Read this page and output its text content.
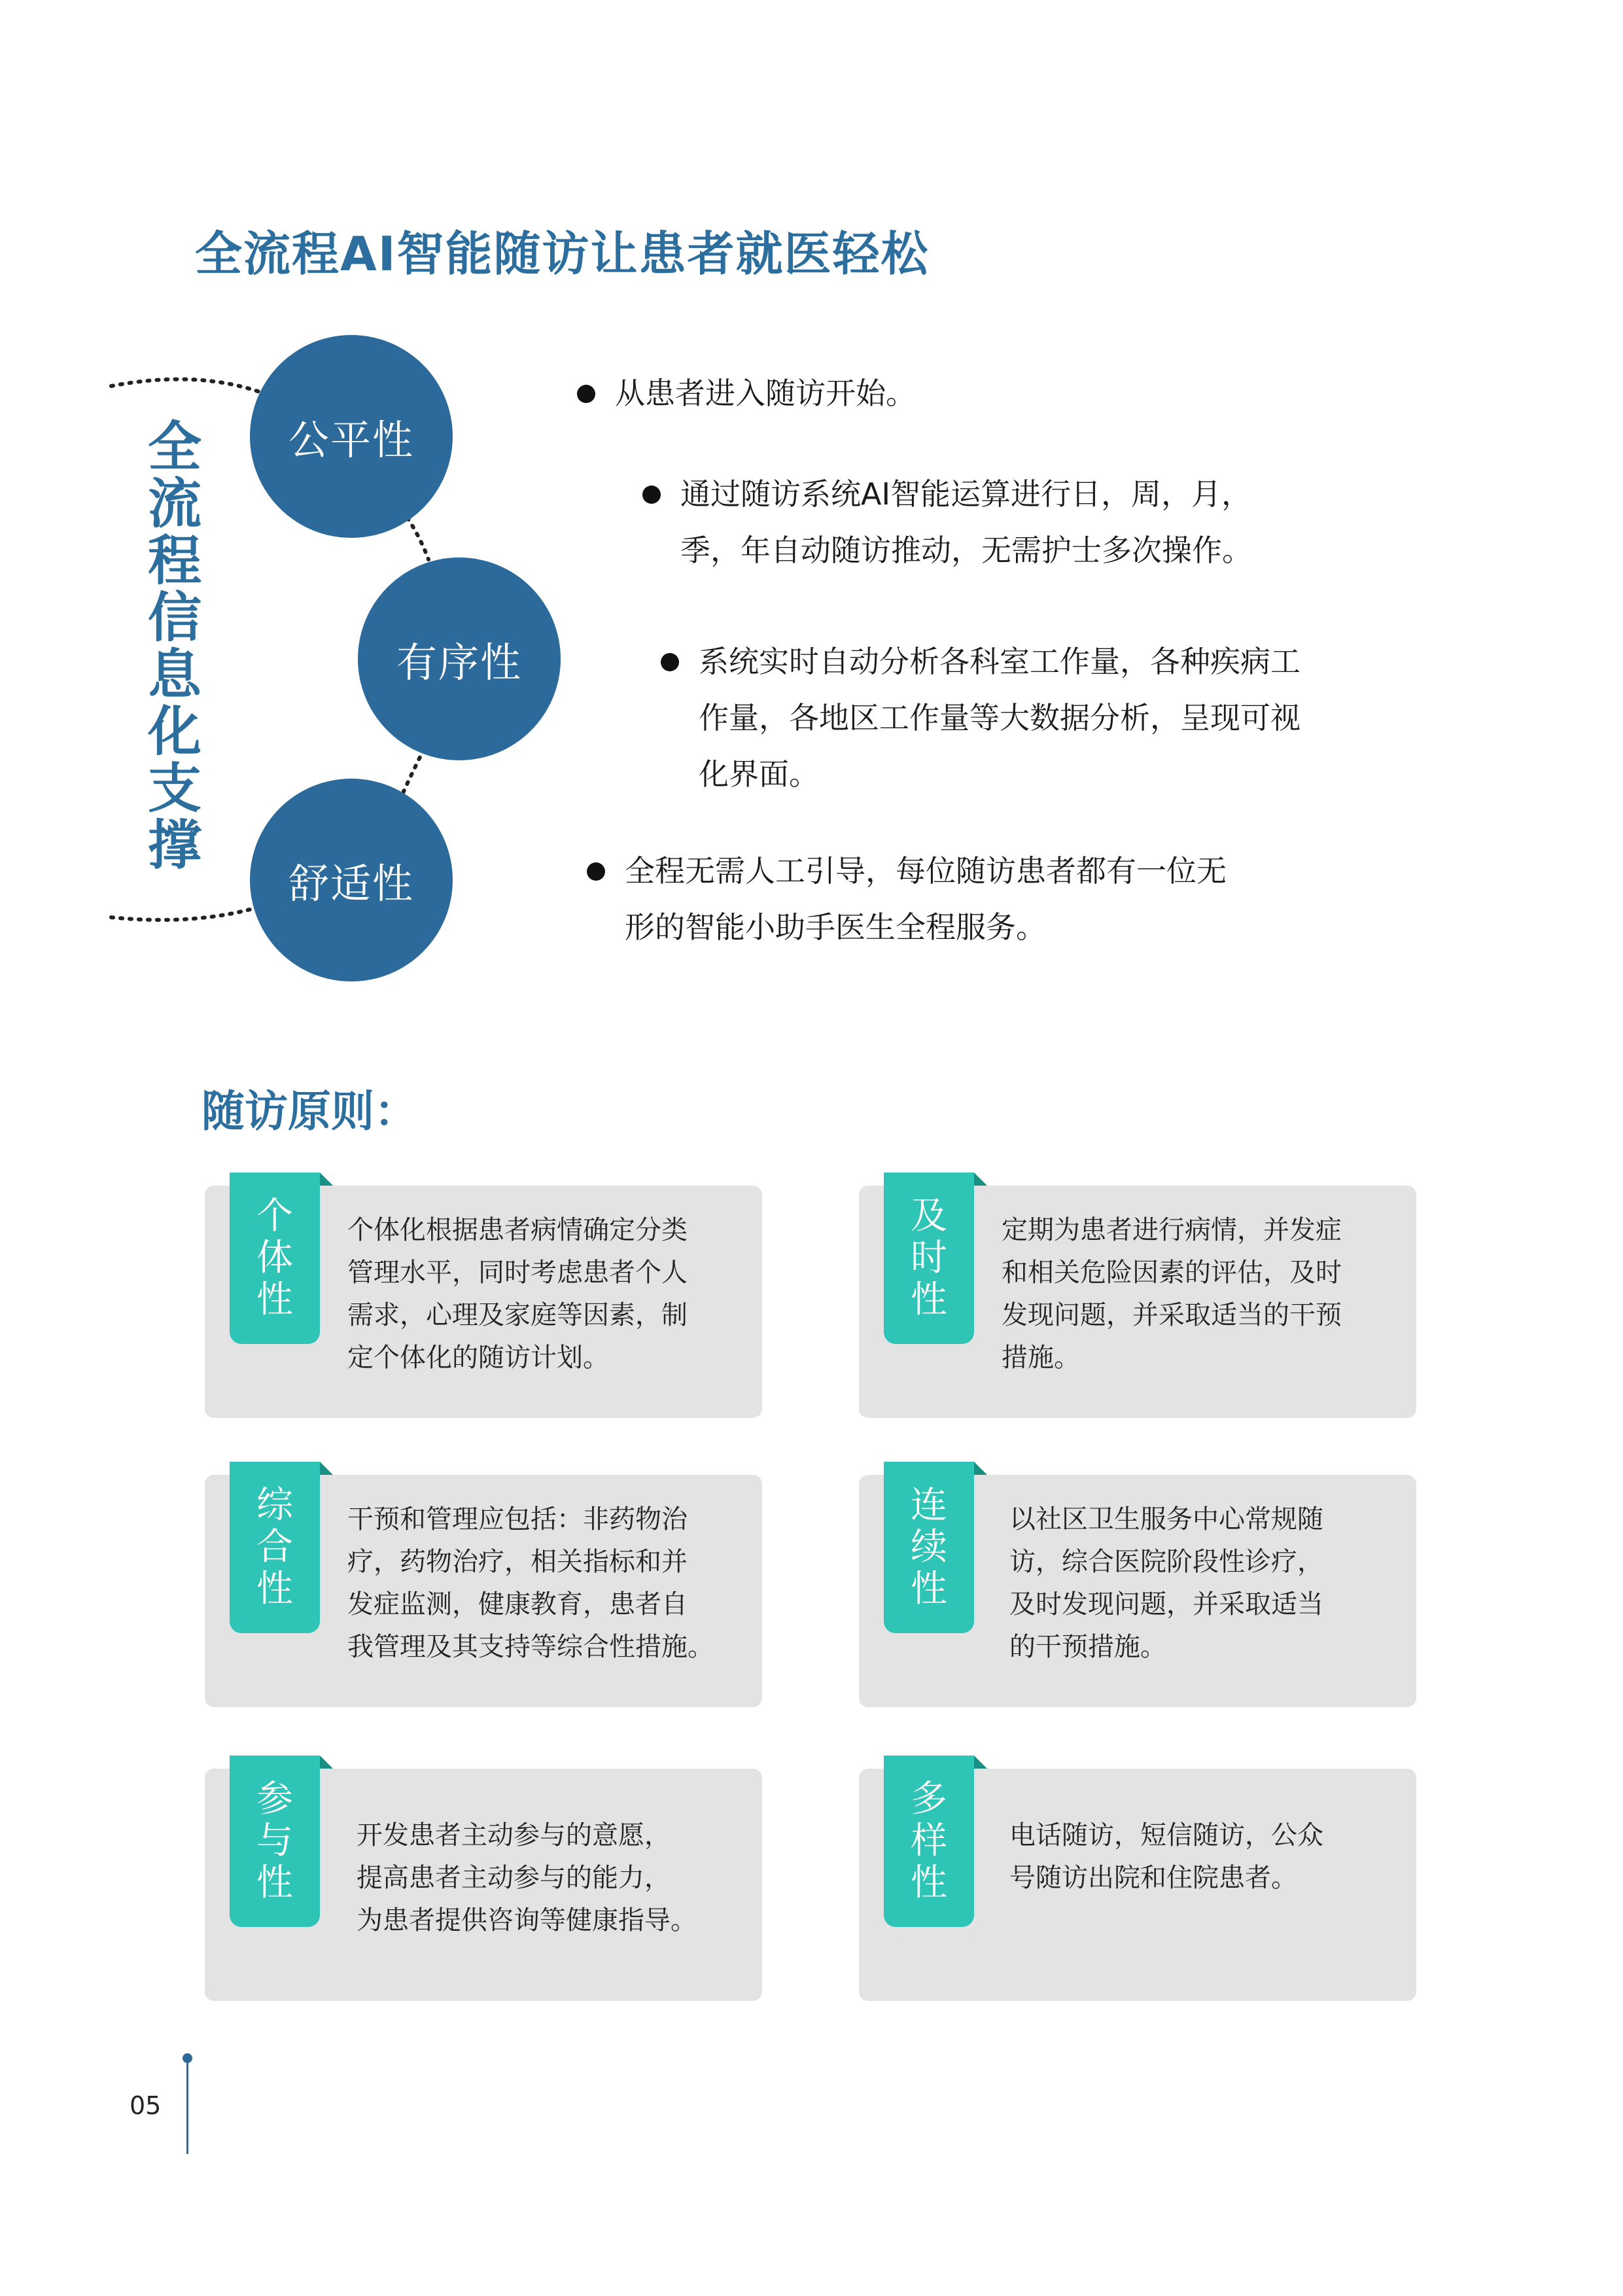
全流程AI智能随访让患者就医轻松
全流程信息化支撑
公平性
有序性
舒适性
从患者进入随访开始。
通过随访系统AI智能运算进行日，周，月，
季，年自动随访推动，无需护士多次操作。
系统实时自动分析各科室工作量，各种疾病工
作量，各地区工作量等大数据分析，呈现可视
化界面。
全程无需人工引导，每位随访患者都有一位无
形的智能小助手医生全程服务。
随访原则：
个体性
个体化根据患者病情确定分类
管理水平，同时考虑患者个人
需求，心理及家庭等因素，制
定个体化的随访计划。
及时性
定期为患者进行病情，并发症
和相关危险因素的评估，及时
发现问题，并采取适当的干预
措施。
综合性
干预和管理应包括：非药物治
疗，药物治疗，相关指标和并
发症监测，健康教育，患者自
我管理及其支持等综合性措施。
连续性
以社区卫生服务中心常规随
访，综合医院阶段性诊疗，
及时发现问题，并采取适当
的干预措施。
参与性
开发患者主动参与的意愿，
提高患者主动参与的能力，
为患者提供咨询等健康指导。
多样性
电话随访，短信随访，公众
号随访出院和住院患者。
05
